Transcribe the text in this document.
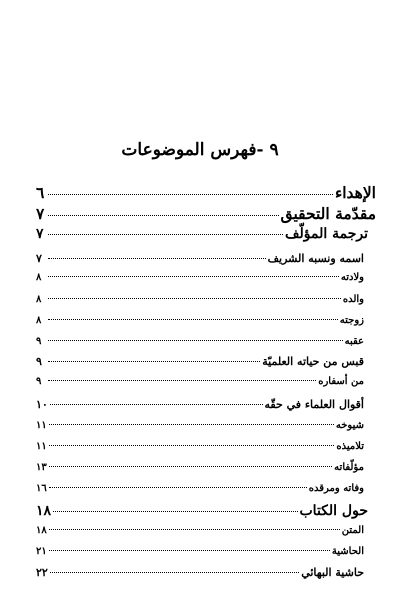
٩ -فهرس الموضوعات
الإهداء
٦
مقدّمة التحقيق
٧
ترجمة المؤلّف
٧
اسمه ونسبه الشريف
٧
ولادته
٨
والده
٨
زوجته
٨
عقبه
٩
قبس من حياته العلميّة
٩
من أسفاره
٩
أقوال العلماء في حقّه
١٠
شيوخه
١١
تلاميذه
١١
مؤلّفاته
١٣
وفاته ومرقده
١٦
حول الكتاب
١٨
المتن
١٨
الحاشية
٢١
حاشية البهائي
٢٢
